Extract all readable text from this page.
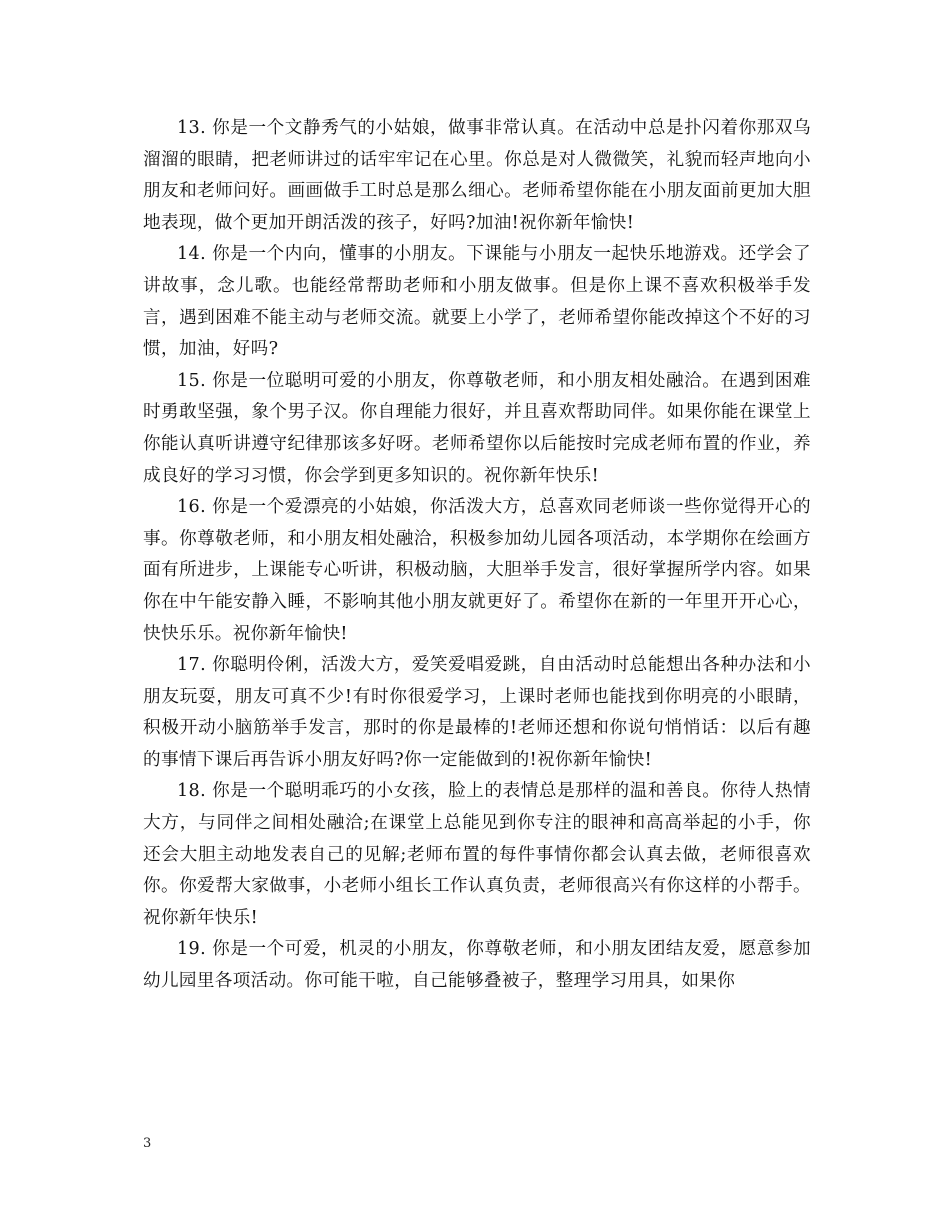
13. 你是一个文静秀气的小姑娘，做事非常认真。在活动中总是扑闪着你那双乌溜溜的眼睛，把老师讲过的话牢牢记在心里。你总是对人微微笑，礼貌而轻声地向小朋友和老师问好。画画做手工时总是那么细心。老师希望你能在小朋友面前更加大胆地表现，做个更加开朗活泼的孩子，好吗?加油!祝你新年愉快!

14. 你是一个内向，懂事的小朋友。下课能与小朋友一起快乐地游戏。还学会了讲故事，念儿歌。也能经常帮助老师和小朋友做事。但是你上课不喜欢积极举手发言，遇到困难不能主动与老师交流。就要上小学了，老师希望你能改掉这个不好的习惯，加油，好吗?

15. 你是一位聪明可爱的小朋友，你尊敬老师，和小朋友相处融洽。在遇到困难时勇敢坚强，象个男子汉。你自理能力很好，并且喜欢帮助同伴。如果你能在课堂上你能认真听讲遵守纪律那该多好呀。老师希望你以后能按时完成老师布置的作业，养成良好的学习习惯，你会学到更多知识的。祝你新年快乐!

16. 你是一个爱漂亮的小姑娘，你活泼大方，总喜欢同老师谈一些你觉得开心的事。你尊敬老师，和小朋友相处融洽，积极参加幼儿园各项活动，本学期你在绘画方面有所进步，上课能专心听讲，积极动脑，大胆举手发言，很好掌握所学内容。如果你在中午能安静入睡，不影响其他小朋友就更好了。希望你在新的一年里开开心心，快快乐乐。祝你新年愉快!

17. 你聪明伶俐，活泼大方，爱笑爱唱爱跳，自由活动时总能想出各种办法和小朋友玩耍，朋友可真不少!有时你很爱学习，上课时老师也能找到你明亮的小眼睛，积极开动小脑筋举手发言，那时的你是最棒的!老师还想和你说句悄悄话：以后有趣的事情下课后再告诉小朋友好吗?你一定能做到的!祝你新年愉快!

18. 你是一个聪明乖巧的小女孩，脸上的表情总是那样的温和善良。你待人热情大方，与同伴之间相处融洽;在课堂上总能见到你专注的眼神和高高举起的小手，你还会大胆主动地发表自己的见解;老师布置的每件事情你都会认真去做，老师很喜欢你。你爱帮大家做事，小老师小组长工作认真负责，老师很高兴有你这样的小帮手。祝你新年快乐!

19. 你是一个可爱，机灵的小朋友，你尊敬老师，和小朋友团结友爱，愿意参加幼儿园里各项活动。你可能干啦，自己能够叠被子，整理学习用具，如果你

3
